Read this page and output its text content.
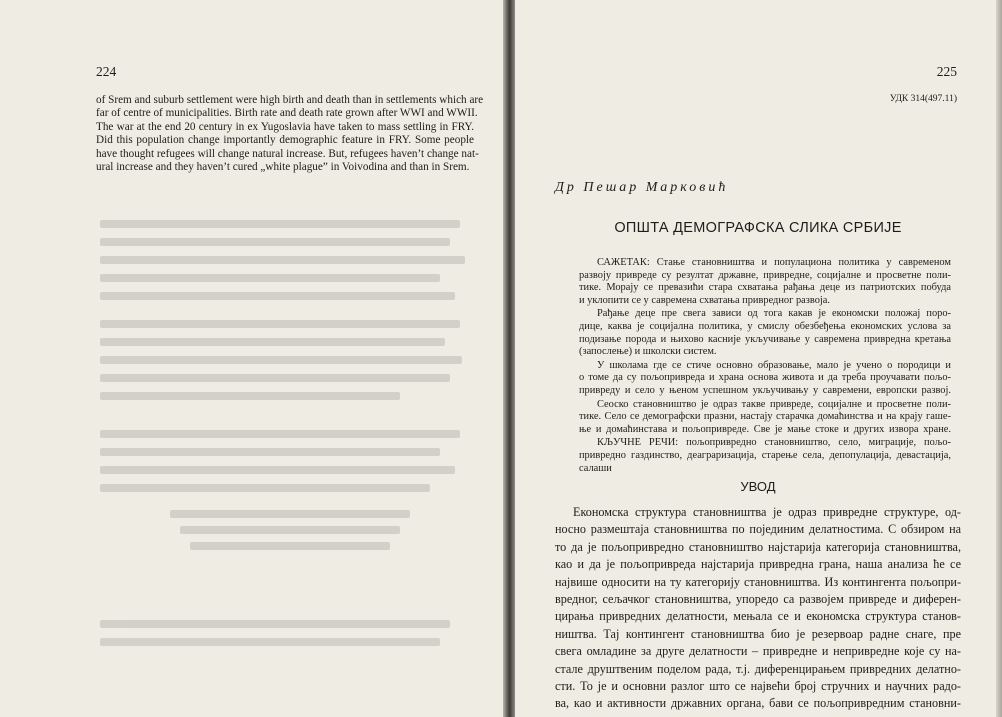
224
of Srem and suburb settlement were high birth and death than in settlements which are
far of centre of municipalities. Birth rate and death rate grown after WWI and WWII.
The war at the end 20 century in ex Yugoslavia have taken to mass settling in FRY.
Did this population change importantly demographic feature in FRY. Some people
have thought refugees will change natural increase. But, refugees haven’t change nat-
ural increase and they haven’t cured „white plague” in Voivodina and than in Srem.
225
УДК 314(497.11)
Др Пешар Марковић
ОПШТА ДЕМОГРАФСКА СЛИКА СРБИЈЕ
САЖЕТАК: Стање становништва и популациона политика у савременом
развоју привреде су резултат државне, привредне, социјалне и просветне поли-
тике. Морају се превазићи стара схватања рађања деце из патриотских побуда
и уклопити се у савремена схватања привредног развоја.
Рађање деце пре свега зависи од тога какав је економски положај поро-
дице, каква је социјална политика, у смислу обезбеђења економских услова за
подизање порода и њихово касније укључивање у савремена привредна кретања
(запослење) и школски систем.
У школама где се стиче основно образовање, мало је учено о породици и
о томе да су пољопривреда и храна основа живота и да треба проучавати пољо-
привреду и село у њеном успешном укључивању у савремени, европски развој.
Сеоско становништво је одраз такве привреде, социјалне и просветне поли-
тике. Село се демографски празни, настају старачка домаћинства и на крају гаше-
ње и домаћинстава и пољопривреде. Све је мање стоке и других извора хране.
КЉУЧНЕ РЕЧИ: пољопривредно становништво, село, миграције, пољо-
привредно газдинство, деаграризација, старење села, депопулација, девастација,
салаши
УВОД
Економска структура становништва је одраз привредне структуре, од-
носно размештаја становништва по појединим делатностима. С обзиром на
то да је пољопривредно становништво најстарија категорија становништва,
као и да је пољопривреда најстарија привредна грана, наша анализа ће се
највише односити на ту категорију становништва. Из контингента пољопри-
вредног, сељачког становништва, упоредо са развојем привреде и диферен-
цирања привредних делатности, мењала се и економска структура станов-
ништва. Тај контингент становништва био је резервоар радне снаге, пре
свега омладине за друге делатности – привредне и непривредне које су на-
стале друштвеним поделом рада, т.ј. диференцирањем привредних делатно-
сти. То је и основни разлог што се највећи број стручних и научних радо-
ва, као и активности државних органа, бави се пољопривредним становни-
